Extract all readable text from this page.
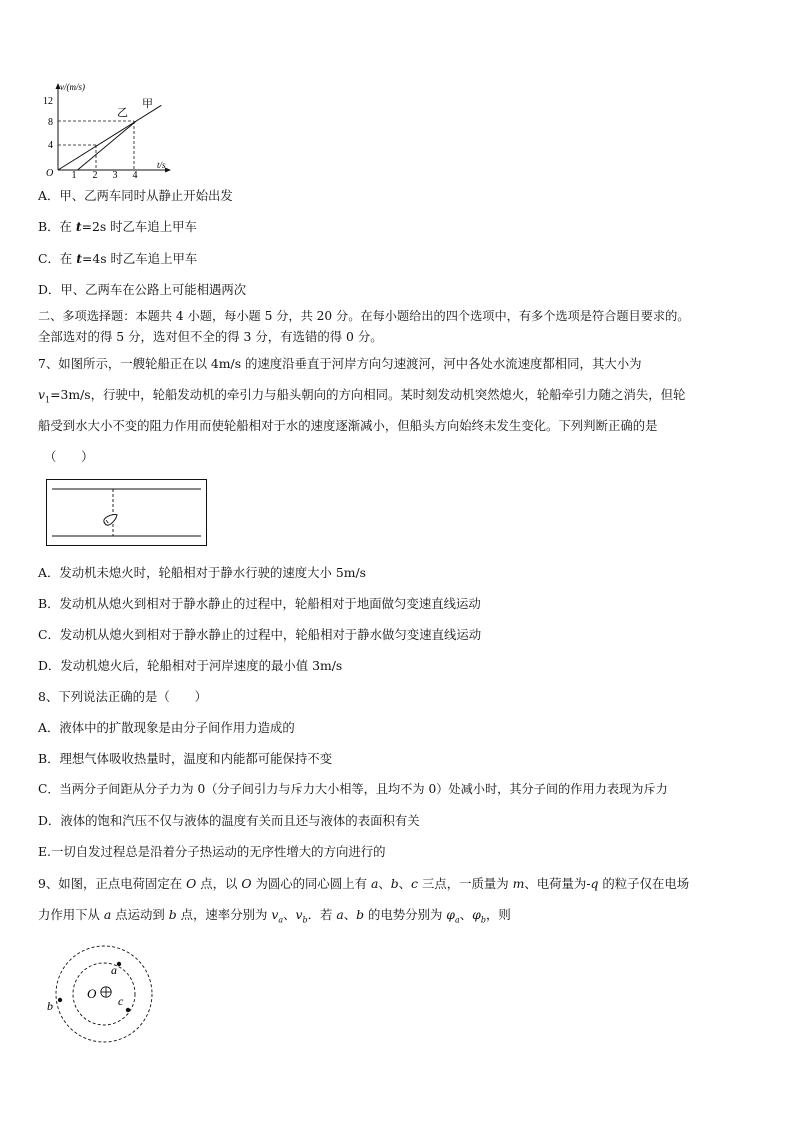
v/(m/s)
12
8
4
O 1 2 3 4
t/s
乙
甲
A．甲、乙两车同时从静止开始出发
B．在 t=2s 时乙车追上甲车
C．在 t=4s 时乙车追上甲车
D．甲、乙两车在公路上可能相遇两次
二、多项选择题：本题共 4 小题，每小题 5 分，共 20 分。在每小题给出的四个选项中，有多个选项是符合题目要求的。
全部选对的得 5 分，选对但不全的得 3 分，有选错的得 0 分。
7、如图所示，一艘轮船正在以 4m/s 的速度沿垂直于河岸方向匀速渡河，河中各处水流速度都相同，其大小为
$v_1=3m/s$，行驶中，轮船发动机的牵引力与船头朝向的方向相同。某时刻发动机突然熄火，轮船牵引力随之消失，但轮
船受到水大小不变的阻力作用而使轮船相对于水的速度逐渐减小，但船头方向始终未发生变化。下列判断正确的是
（　　）
A．发动机未熄火时，轮船相对于静水行驶的速度大小 5m/s
B．发动机从熄火到相对于静水静止的过程中，轮船相对于地面做匀变速直线运动
C．发动机从熄火到相对于静水静止的过程中，轮船相对于静水做匀变速直线运动
D．发动机熄火后，轮船相对于河岸速度的最小值 3m/s
8、下列说法正确的是（　　）
A．液体中的扩散现象是由分子间作用力造成的
B．理想气体吸收热量时，温度和内能都可能保持不变
C．当两分子间距从分子力为 0（分子间引力与斥力大小相等，且均不为 0）处减小时，其分子间的作用力表现为斥力
D．液体的饱和汽压不仅与液体的温度有关而且还与液体的表面积有关
E.一切自发过程总是沿着分子热运动的无序性增大的方向进行的
9、如图，正点电荷固定在 O 点，以 O 为圆心的同心圆上有 a、b、c 三点，一质量为 m、电荷量为-q 的粒子仅在电场
力作用下从 a 点运动到 b 点，速率分别为 $v_a$、$v_b$．若 a、b 的电势分别为 $\varphi_a$、$\varphi_b$，则
O
a
b	c
